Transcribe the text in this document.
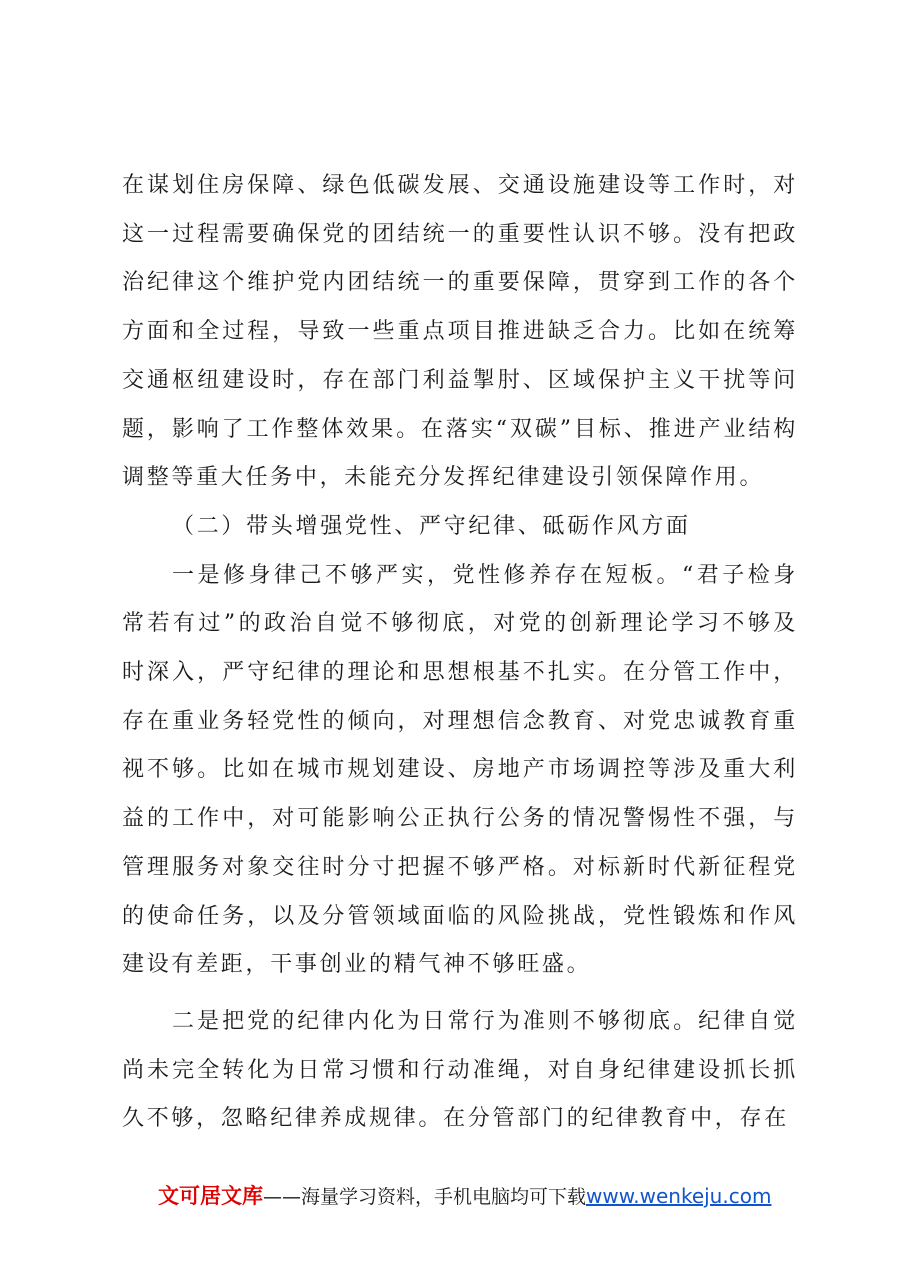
在谋划住房保障、绿色低碳发展、交通设施建设等工作时，对这一过程需要确保党的团结统一的重要性认识不够。没有把政治纪律这个维护党内团结统一的重要保障，贯穿到工作的各个方面和全过程，导致一些重点项目推进缺乏合力。比如在统筹交通枢纽建设时，存在部门利益掣肘、区域保护主义干扰等问题，影响了工作整体效果。在落实“双碳”目标、推进产业结构调整等重大任务中，未能充分发挥纪律建设引领保障作用。

（二）带头增强党性、严守纪律、砥砺作风方面

一是修身律己不够严实，党性修养存在短板。“君子检身常若有过”的政治自觉不够彻底，对党的创新理论学习不够及时深入，严守纪律的理论和思想根基不扎实。在分管工作中，存在重业务轻党性的倾向，对理想信念教育、对党忠诚教育重视不够。比如在城市规划建设、房地产市场调控等涉及重大利益的工作中，对可能影响公正执行公务的情况警惕性不强，与管理服务对象交往时分寸把握不够严格。对标新时代新征程党的使命任务，以及分管领域面临的风险挑战，党性锻炼和作风建设有差距，干事创业的精气神不够旺盛。

二是把党的纪律内化为日常行为准则不够彻底。纪律自觉尚未完全转化为日常习惯和行动准绳，对自身纪律建设抓长抓久不够，忽略纪律养成规律。在分管部门的纪律教育中，存在

文可居文库——海量学习资料，手机电脑均可下载www.wenkeju.com
